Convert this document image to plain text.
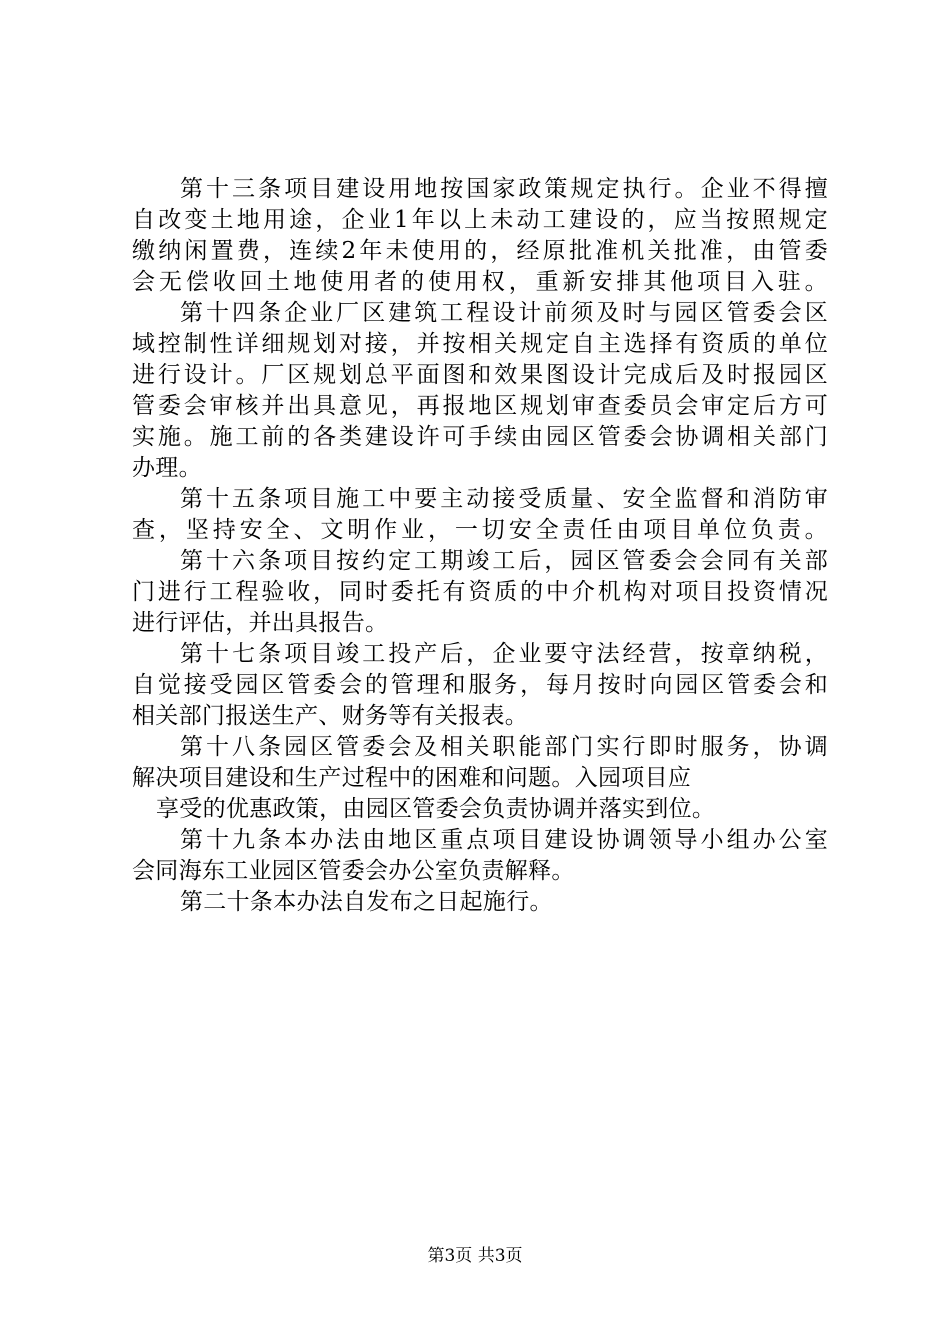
第十三条项目建设用地按国家政策规定执行。企业不得擅
自改变土地用途，企业1年以上未动工建设的，应当按照规定
缴纳闲置费，连续2年未使用的，经原批准机关批准，由管委
会无偿收回土地使用者的使用权，重新安排其他项目入驻。
第十四条企业厂区建筑工程设计前须及时与园区管委会区
域控制性详细规划对接，并按相关规定自主选择有资质的单位
进行设计。厂区规划总平面图和效果图设计完成后及时报园区
管委会审核并出具意见，再报地区规划审查委员会审定后方可
实施。施工前的各类建设许可手续由园区管委会协调相关部门
办理。
第十五条项目施工中要主动接受质量、安全监督和消防审
查，坚持安全、文明作业，一切安全责任由项目单位负责。
第十六条项目按约定工期竣工后，园区管委会会同有关部
门进行工程验收，同时委托有资质的中介机构对项目投资情况
进行评估，并出具报告。
第十七条项目竣工投产后，企业要守法经营，按章纳税，
自觉接受园区管委会的管理和服务，每月按时向园区管委会和
相关部门报送生产、财务等有关报表。
第十八条园区管委会及相关职能部门实行即时服务，协调
解决项目建设和生产过程中的困难和问题。入园项目应
享受的优惠政策，由园区管委会负责协调并落实到位。
第十九条本办法由地区重点项目建设协调领导小组办公室
会同海东工业园区管委会办公室负责解释。
第二十条本办法自发布之日起施行。
第3页 共3页
